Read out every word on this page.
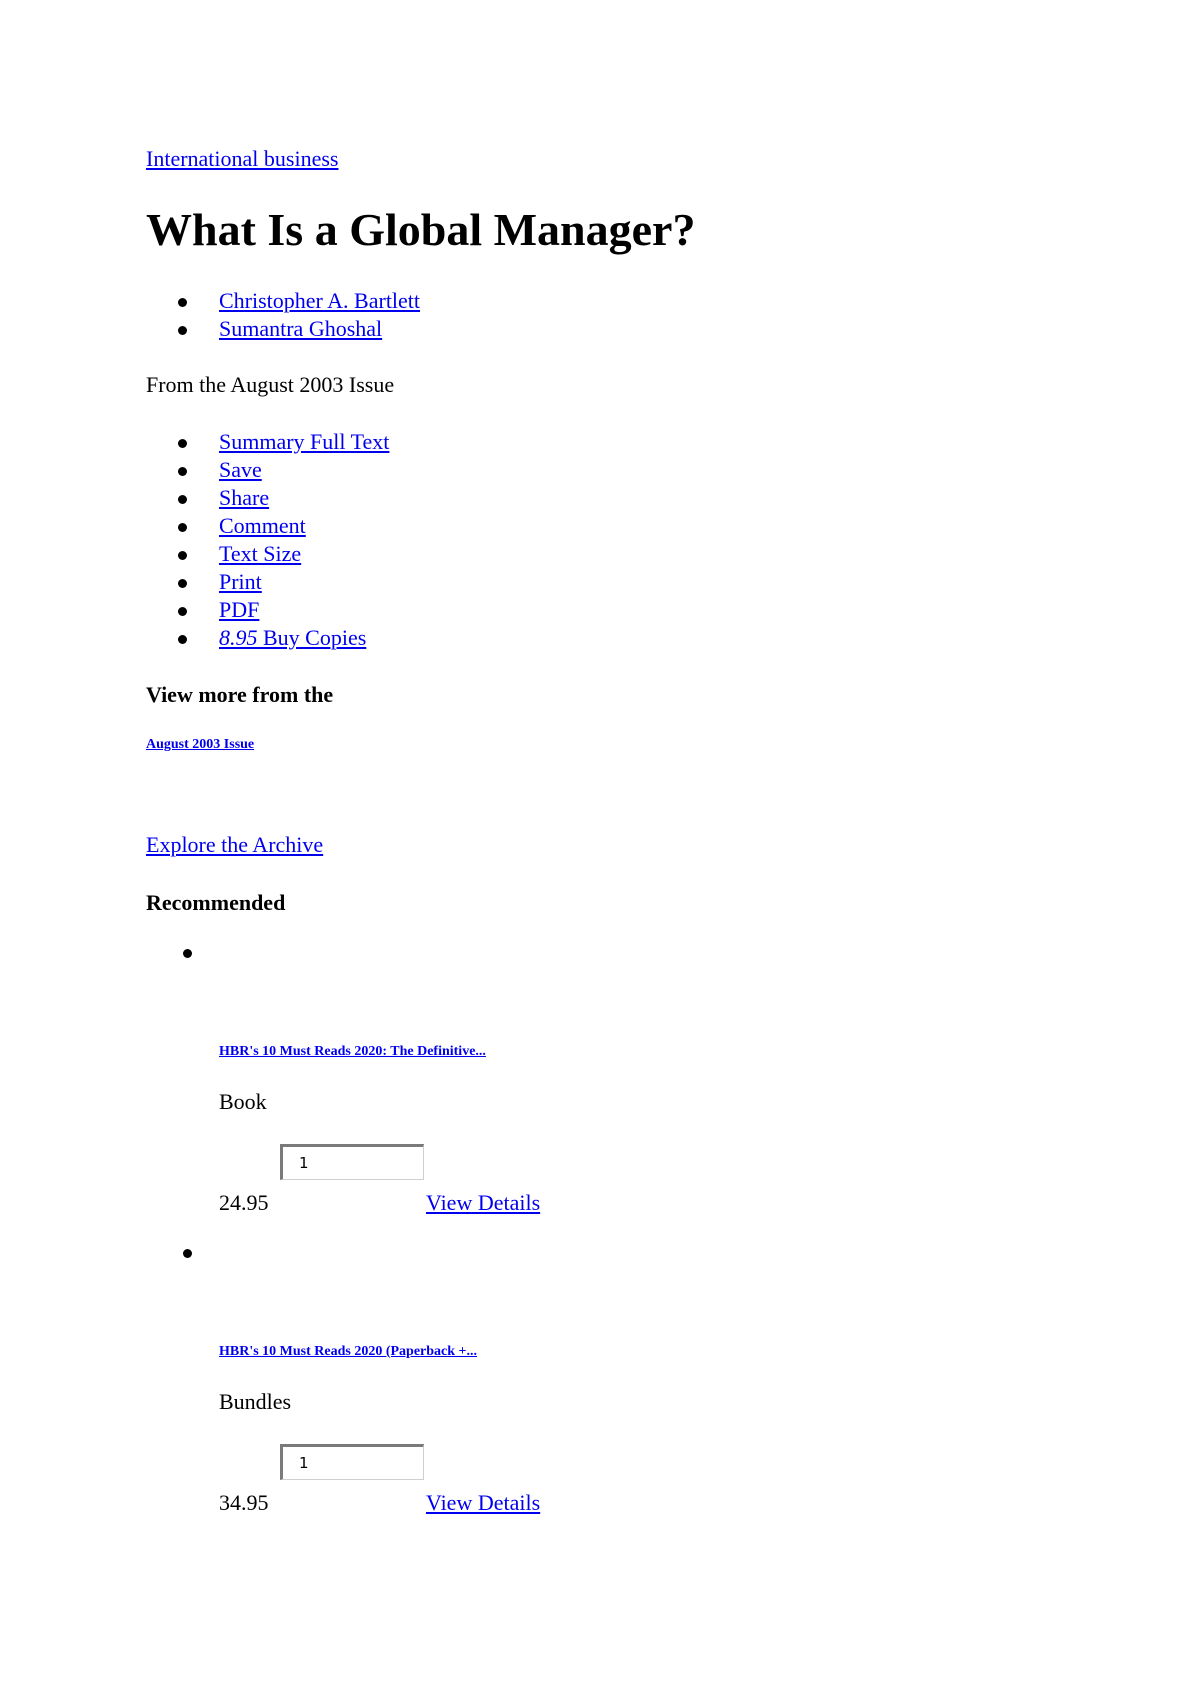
International business
What Is a Global Manager?
Christopher A. Bartlett
Sumantra Ghoshal
From the August 2003 Issue
Summary Full Text
Save
Share
Comment
Text Size
Print
PDF
8.95 Buy Copies
View more from the
August 2003 Issue
Explore the Archive
Recommended
HBR's 10 Must Reads 2020: The Definitive...
Book
1
24.95	View Details
HBR's 10 Must Reads 2020 (Paperback +...
Bundles
1
34.95	View Details
